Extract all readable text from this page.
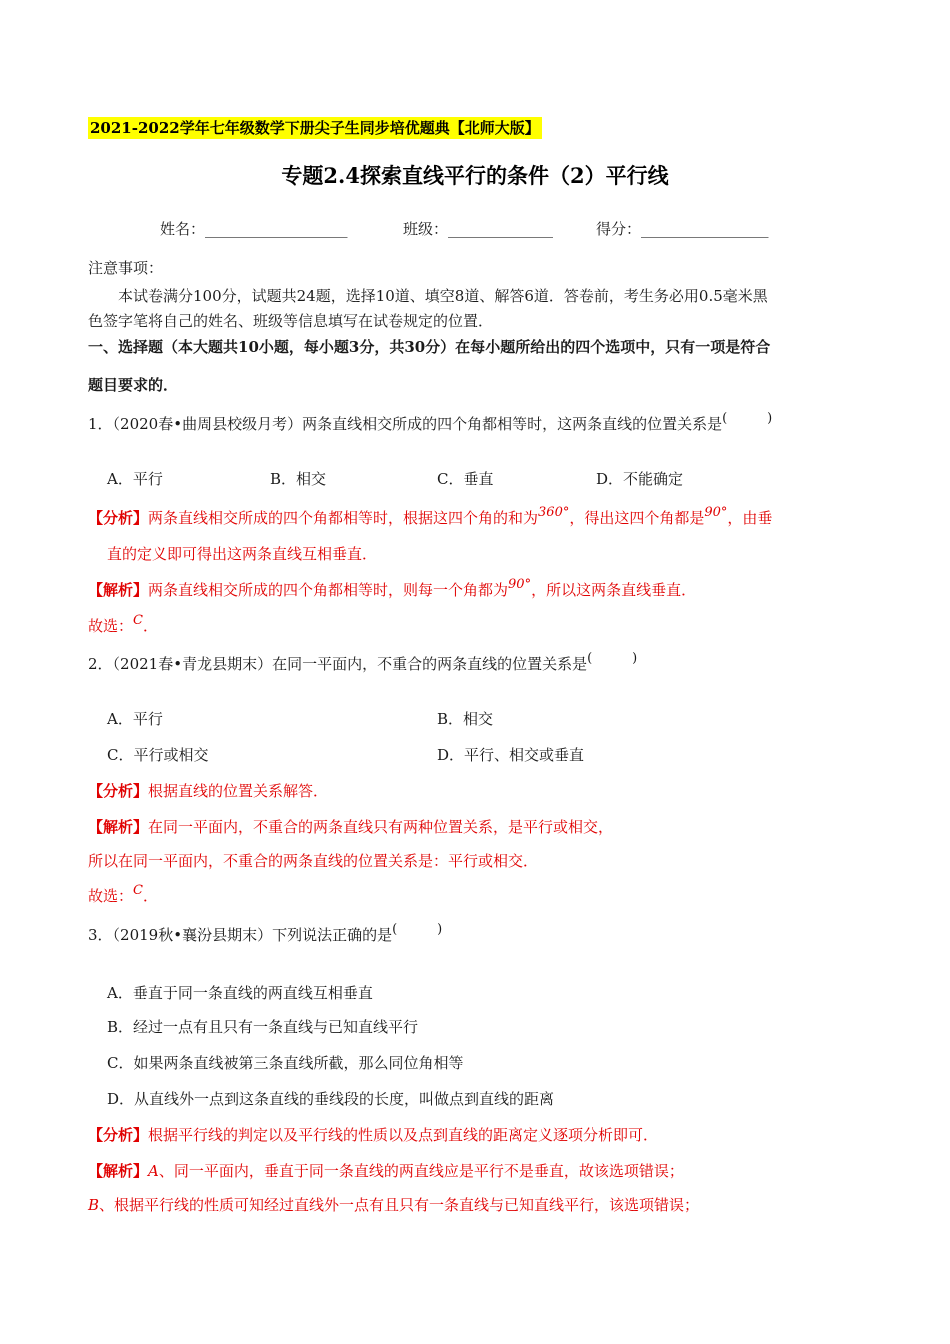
2021-2022学年七年级数学下册尖子生同步培优题典【北师大版】
专题2.4探索直线平行的条件（2）平行线
姓名：___________________	班级：______________	得分：_________________
注意事项：
本试卷满分100分，试题共24题，选择10道、填空8道、解答6道．答卷前，考生务必用0.5毫米黑
色签字笔将自己的姓名、班级等信息填写在试卷规定的位置．
一、选择题（本大题共10小题，每小题3分，共30分）在每小题所给出的四个选项中，只有一项是符合
题目要求的．
1．（2020春•曲周县校级月考）两条直线相交所成的四个角都相等时，这两条直线的位置关系是(	)
A．平行	B．相交	C．垂直	D．不能确定
【分析】两条直线相交所成的四个角都相等时，根据这四个角的和为360°，得出这四个角都是90°，由垂
直的定义即可得出这两条直线互相垂直．
【解析】两条直线相交所成的四个角都相等时，则每一个角都为90°，所以这两条直线垂直．
故选：C．
2．（2021春•青龙县期末）在同一平面内，不重合的两条直线的位置关系是(	)
A．平行	B．相交
C．平行或相交	D．平行、相交或垂直
【分析】根据直线的位置关系解答．
【解析】在同一平面内，不重合的两条直线只有两种位置关系，是平行或相交，
所以在同一平面内，不重合的两条直线的位置关系是：平行或相交．
故选：C．
3．（2019秋•襄汾县期末）下列说法正确的是(	)
A．垂直于同一条直线的两直线互相垂直
B．经过一点有且只有一条直线与已知直线平行
C．如果两条直线被第三条直线所截，那么同位角相等
D．从直线外一点到这条直线的垂线段的长度，叫做点到直线的距离
【分析】根据平行线的判定以及平行线的性质以及点到直线的距离定义逐项分析即可．
【解析】A、同一平面内，垂直于同一条直线的两直线应是平行不是垂直，故该选项错误；
B、根据平行线的性质可知经过直线外一点有且只有一条直线与已知直线平行，该选项错误；
